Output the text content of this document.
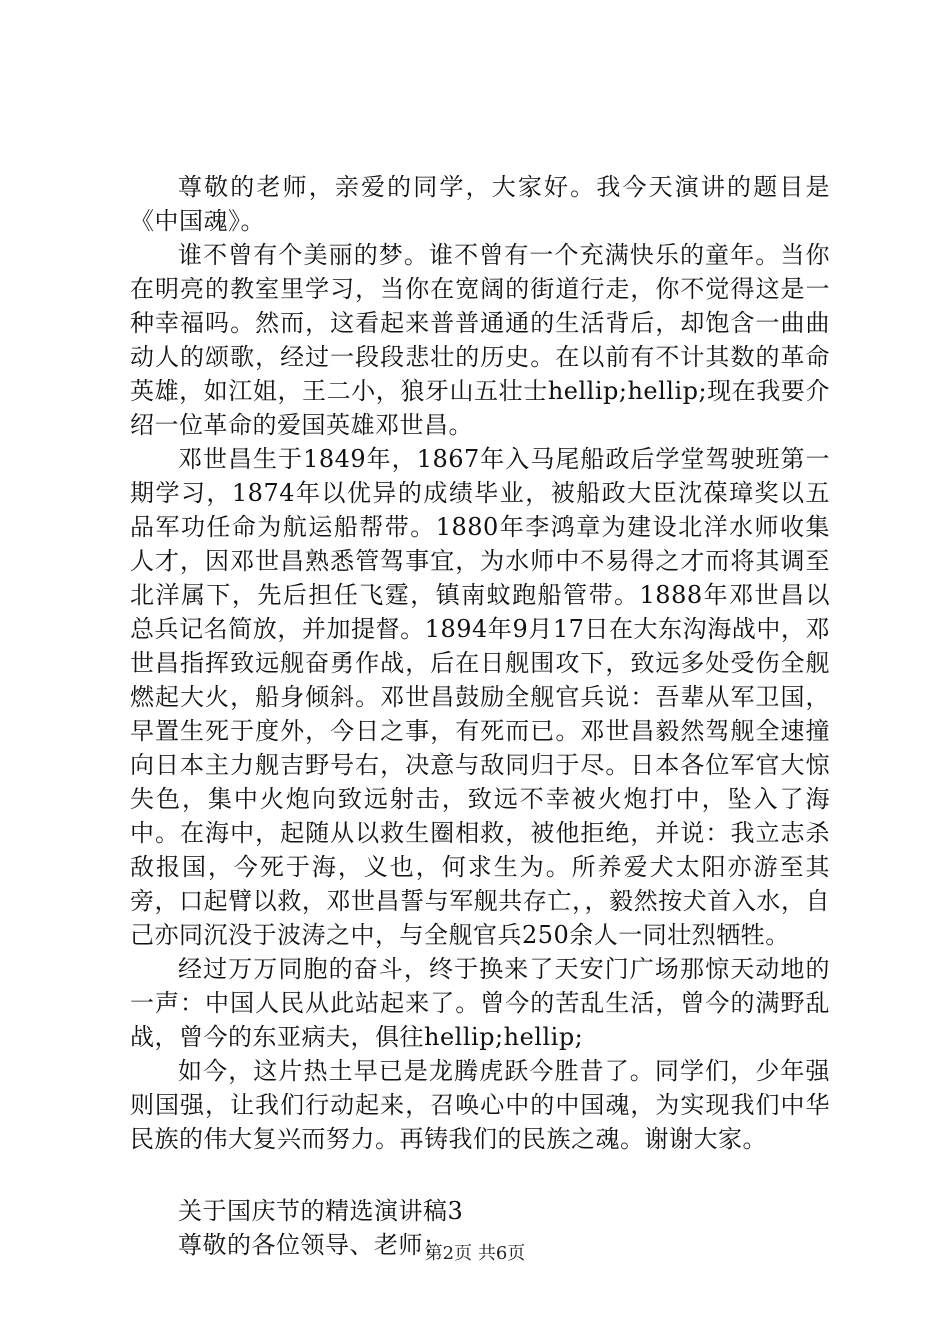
尊敬的老师，亲爱的同学，大家好。我今天演讲的题目是《中国魂》。

谁不曾有个美丽的梦。谁不曾有一个充满快乐的童年。当你在明亮的教室里学习，当你在宽阔的街道行走，你不觉得这是一种幸福吗。然而，这看起来普普通通的生活背后，却饱含一曲曲动人的颂歌，经过一段段悲壮的历史。在以前有不计其数的革命英雄，如江姐，王二小，狼牙山五壮士hellip;hellip;现在我要介绍一位革命的爱国英雄邓世昌。

邓世昌生于1849年，1867年入马尾船政后学堂驾驶班第一期学习，1874年以优异的成绩毕业，被船政大臣沈葆璋奖以五品军功任命为航运船帮带。1880年李鸿章为建设北洋水师收集人才，因邓世昌熟悉管驾事宜，为水师中不易得之才而将其调至北洋属下，先后担任飞霆，镇南蚊跑船管带。1888年邓世昌以总兵记名简放，并加提督。1894年9月17日在大东沟海战中，邓世昌指挥致远舰奋勇作战，后在日舰围攻下，致远多处受伤全舰燃起大火，船身倾斜。邓世昌鼓励全舰官兵说：吾辈从军卫国，早置生死于度外，今日之事，有死而已。邓世昌毅然驾舰全速撞向日本主力舰吉野号右，决意与敌同归于尽。日本各位军官大惊失色，集中火炮向致远射击，致远不幸被火炮打中，坠入了海中。在海中，起随从以救生圈相救，被他拒绝，并说：我立志杀敌报国，今死于海，义也，何求生为。所养爱犬太阳亦游至其旁，口起臂以救，邓世昌誓与军舰共存亡，，毅然按犬首入水，自己亦同沉没于波涛之中，与全舰官兵250余人一同壮烈牺牲。

经过万万同胞的奋斗，终于换来了天安门广场那惊天动地的一声：中国人民从此站起来了。曾今的苦乱生活，曾今的满野乱战，曾今的东亚病夫，俱往hellip;hellip;

如今，这片热土早已是龙腾虎跃今胜昔了。同学们，少年强则国强，让我们行动起来，召唤心中的中国魂，为实现我们中华民族的伟大复兴而努力。再铸我们的民族之魂。谢谢大家。

关于国庆节的精选演讲稿3

尊敬的各位领导、老师：

第2页 共6页
